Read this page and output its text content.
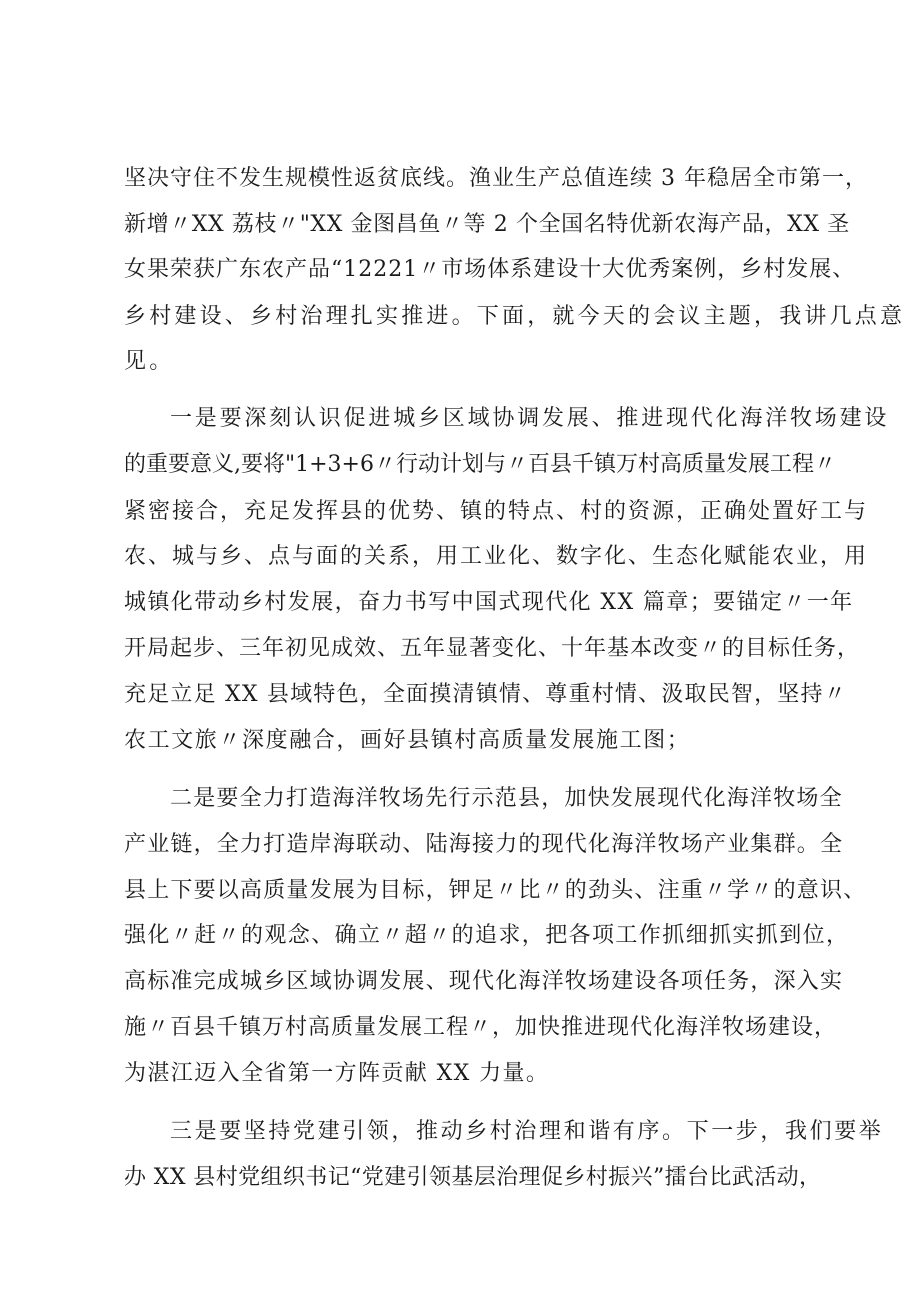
坚决守住不发生规模性返贫底线。渔业生产总值连续 3 年稳居全市第一，
新增〃XX 荔枝〃"XX 金图昌鱼〃等 2 个全国名特优新农海产品，XX 圣
女果荣获广东农产品“12221〃市场体系建设十大优秀案例，乡村发展、
乡村建设、乡村治理扎实推进。下面，就今天的会议主题，我讲几点意
见。
一是要深刻认识促进城乡区域协调发展、推进现代化海洋牧场建设
的重要意义,要将"1+3+6〃行动计划与〃百县千镇万村高质量发展工程〃
紧密接合，充足发挥县的优势、镇的特点、村的资源，正确处置好工与
农、城与乡、点与面的关系，用工业化、数字化、生态化赋能农业，用
城镇化带动乡村发展，奋力书写中国式现代化 XX 篇章；要锚定〃一年
开局起步、三年初见成效、五年显著变化、十年基本改变〃的目标任务，
充足立足 XX 县域特色，全面摸清镇情、尊重村情、汲取民智，坚持〃
农工文旅〃深度融合，画好县镇村高质量发展施工图；
二是要全力打造海洋牧场先行示范县，加快发展现代化海洋牧场全
产业链，全力打造岸海联动、陆海接力的现代化海洋牧场产业集群。全
县上下要以高质量发展为目标，钾足〃比〃的劲头、注重〃学〃的意识、
强化〃赶〃的观念、确立〃超〃的追求，把各项工作抓细抓实抓到位，
高标准完成城乡区域协调发展、现代化海洋牧场建设各项任务，深入实
施〃百县千镇万村高质量发展工程〃，加快推进现代化海洋牧场建设，
为湛江迈入全省第一方阵贡献 XX 力量。
三是要坚持党建引领，推动乡村治理和谐有序。下一步，我们要举
办 XX 县村党组织书记“党建引领基层治理促乡村振兴”擂台比武活动，
